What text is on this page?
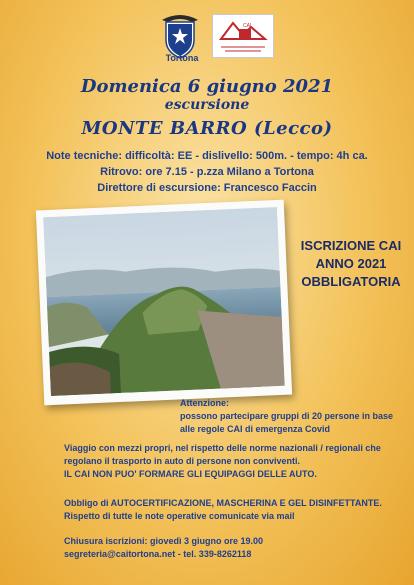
Tortona
CAI
Domenica 6 giugno 2021
escursione
MONTE BARRO (Lecco)
Note tecniche: difficoltà: EE - dislivello: 500m. - tempo: 4h ca.
Ritrovo: ore 7.15 - p.zza Milano a Tortona
Direttore di escursione: Francesco Faccin
ISCRIZIONE CAI
ANNO 2021
OBBLIGATORIA
Attenzione:
possono partecipare gruppi di 20 persone in base
alle regole CAI di emergenza Covid
Viaggio con mezzi propri, nel rispetto delle norme nazionali / regionali che
regolano il trasporto in auto di persone non conviventi.
IL CAI NON PUO' FORMARE GLI EQUIPAGGI DELLE AUTO.
Obbligo di AUTOCERTIFICAZIONE, MASCHERINA E GEL DISINFETTANTE.
Rispetto di tutte le note operative comunicate via mail
Chiusura iscrizioni: giovedì 3 giugno ore 19.00
segreteria@caitortona.net - tel. 339-8262118
